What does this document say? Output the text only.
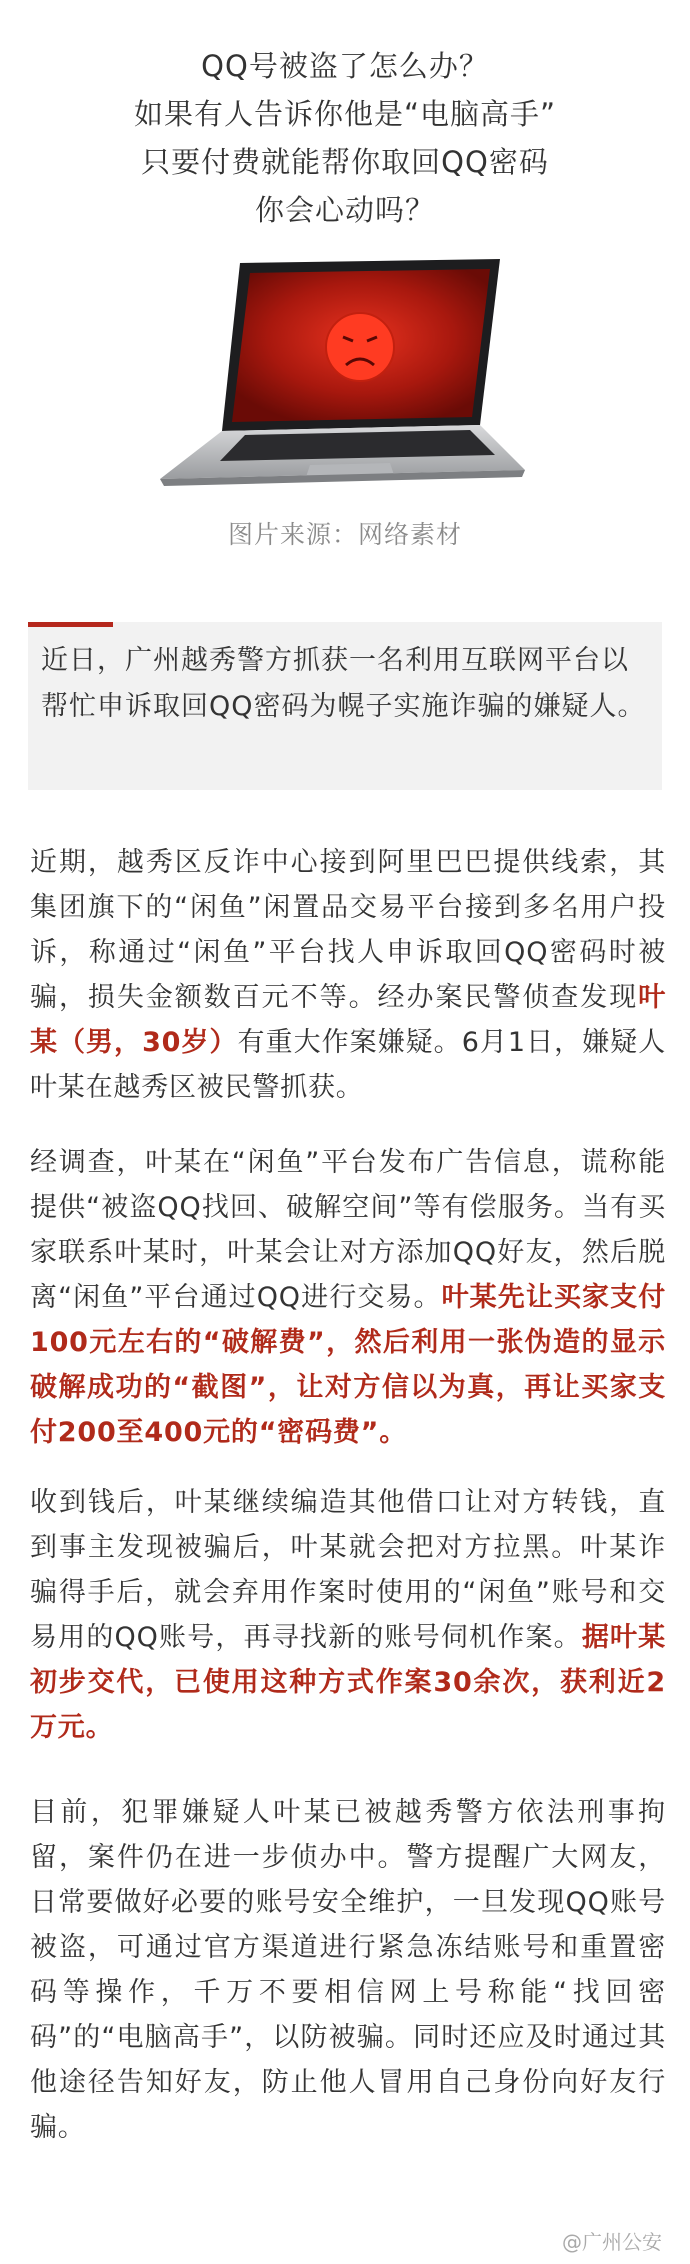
QQ号被盗了怎么办？

如果有人告诉你他是“电脑高手”

只要付费就能帮你取回QQ密码

你会心动吗？

图片来源：网络素材

近日，广州越秀警方抓获一名利用互联网平台以帮忙申诉取回QQ密码为幌子实施诈骗的嫌疑人。

近期，越秀区反诈中心接到阿里巴巴提供线索，其集团旗下的“闲鱼”闲置品交易平台接到多名用户投诉，称通过“闲鱼”平台找人申诉取回QQ密码时被骗，损失金额数百元不等。经办案民警侦查发现叶某（男，30岁）有重大作案嫌疑。6月1日，嫌疑人叶某在越秀区被民警抓获。

经调查，叶某在“闲鱼”平台发布广告信息，谎称能提供“被盗QQ找回、破解空间”等有偿服务。当有买家联系叶某时，叶某会让对方添加QQ好友，然后脱离“闲鱼”平台通过QQ进行交易。叶某先让买家支付100元左右的“破解费”，然后利用一张伪造的显示破解成功的“截图”，让对方信以为真，再让买家支付200至400元的“密码费”。

收到钱后，叶某继续编造其他借口让对方转钱，直到事主发现被骗后，叶某就会把对方拉黑。叶某诈骗得手后，就会弃用作案时使用的“闲鱼”账号和交易用的QQ账号，再寻找新的账号伺机作案。据叶某初步交代，已使用这种方式作案30余次，获利近2万元。

目前，犯罪嫌疑人叶某已被越秀警方依法刑事拘留，案件仍在进一步侦办中。警方提醒广大网友，日常要做好必要的账号安全维护，一旦发现QQ账号被盗，可通过官方渠道进行紧急冻结账号和重置密码等操作，千万不要相信网上号称能“找回密码”的“电脑高手”，以防被骗。同时还应及时通过其他途径告知好友，防止他人冒用自己身份向好友行骗。

@广州公安
